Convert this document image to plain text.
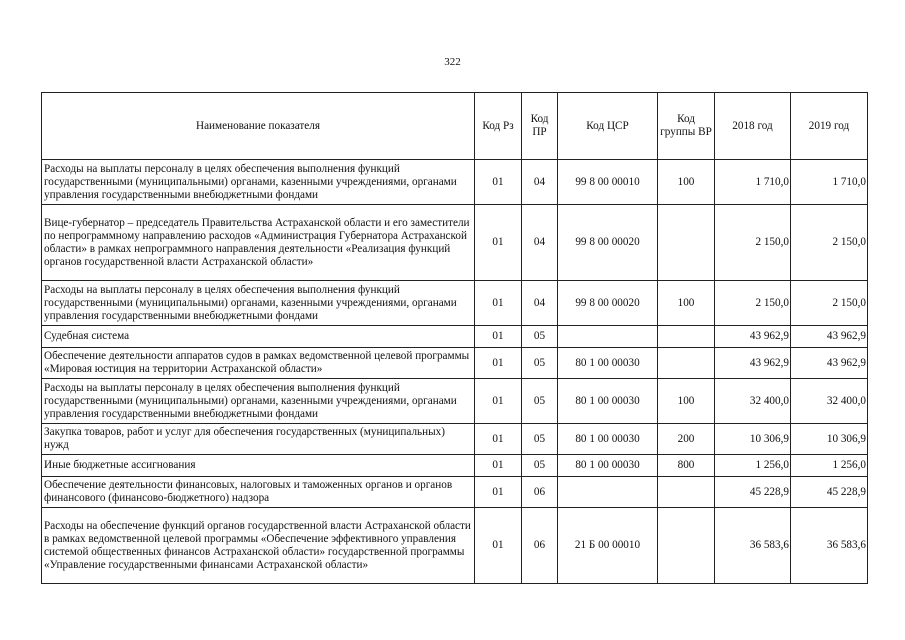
322
Наименование показателя	Код Рз	Код ПР	Код ЦСР	Код группы ВР	2018 год	2019 год
Расходы на выплаты персоналу в целях обеспечения выполнения функций государственными (муниципальными) органами, казенными учреждениями, органами управления государственными внебюджетными фондами	01	04	99 8 00 00010	100	1 710,0	1 710,0
Вице-губернатор – председатель Правительства Астраханской области и его заместители по непрограммному направлению расходов «Администрация Губернатора Астраханской области» в рамках непрограммного направления деятельности «Реализация функций органов государственной власти Астраханской области»	01	04	99 8 00 00020		2 150,0	2 150,0
Расходы на выплаты персоналу в целях обеспечения выполнения функций государственными (муниципальными) органами, казенными учреждениями, органами управления государственными внебюджетными фондами	01	04	99 8 00 00020	100	2 150,0	2 150,0
Судебная система	01	05			43 962,9	43 962,9
Обеспечение деятельности аппаратов судов в рамках ведомственной целевой программы «Мировая юстиция на территории Астраханской области»	01	05	80 1 00 00030		43 962,9	43 962,9
Расходы на выплаты персоналу в целях обеспечения выполнения функций государственными (муниципальными) органами, казенными учреждениями, органами управления государственными внебюджетными фондами	01	05	80 1 00 00030	100	32 400,0	32 400,0
Закупка товаров, работ и услуг для обеспечения государственных (муниципальных) нужд	01	05	80 1 00 00030	200	10 306,9	10 306,9
Иные бюджетные ассигнования	01	05	80 1 00 00030	800	1 256,0	1 256,0
Обеспечение деятельности финансовых, налоговых и таможенных органов и органов финансового (финансово-бюджетного) надзора	01	06			45 228,9	45 228,9
Расходы на обеспечение функций органов государственной власти Астраханской области в рамках ведомственной целевой программы «Обеспечение эффективного управления системой общественных финансов Астраханской области» государственной программы «Управление государственными финансами Астраханской области»	01	06	21 Б 00 00010		36 583,6	36 583,6
